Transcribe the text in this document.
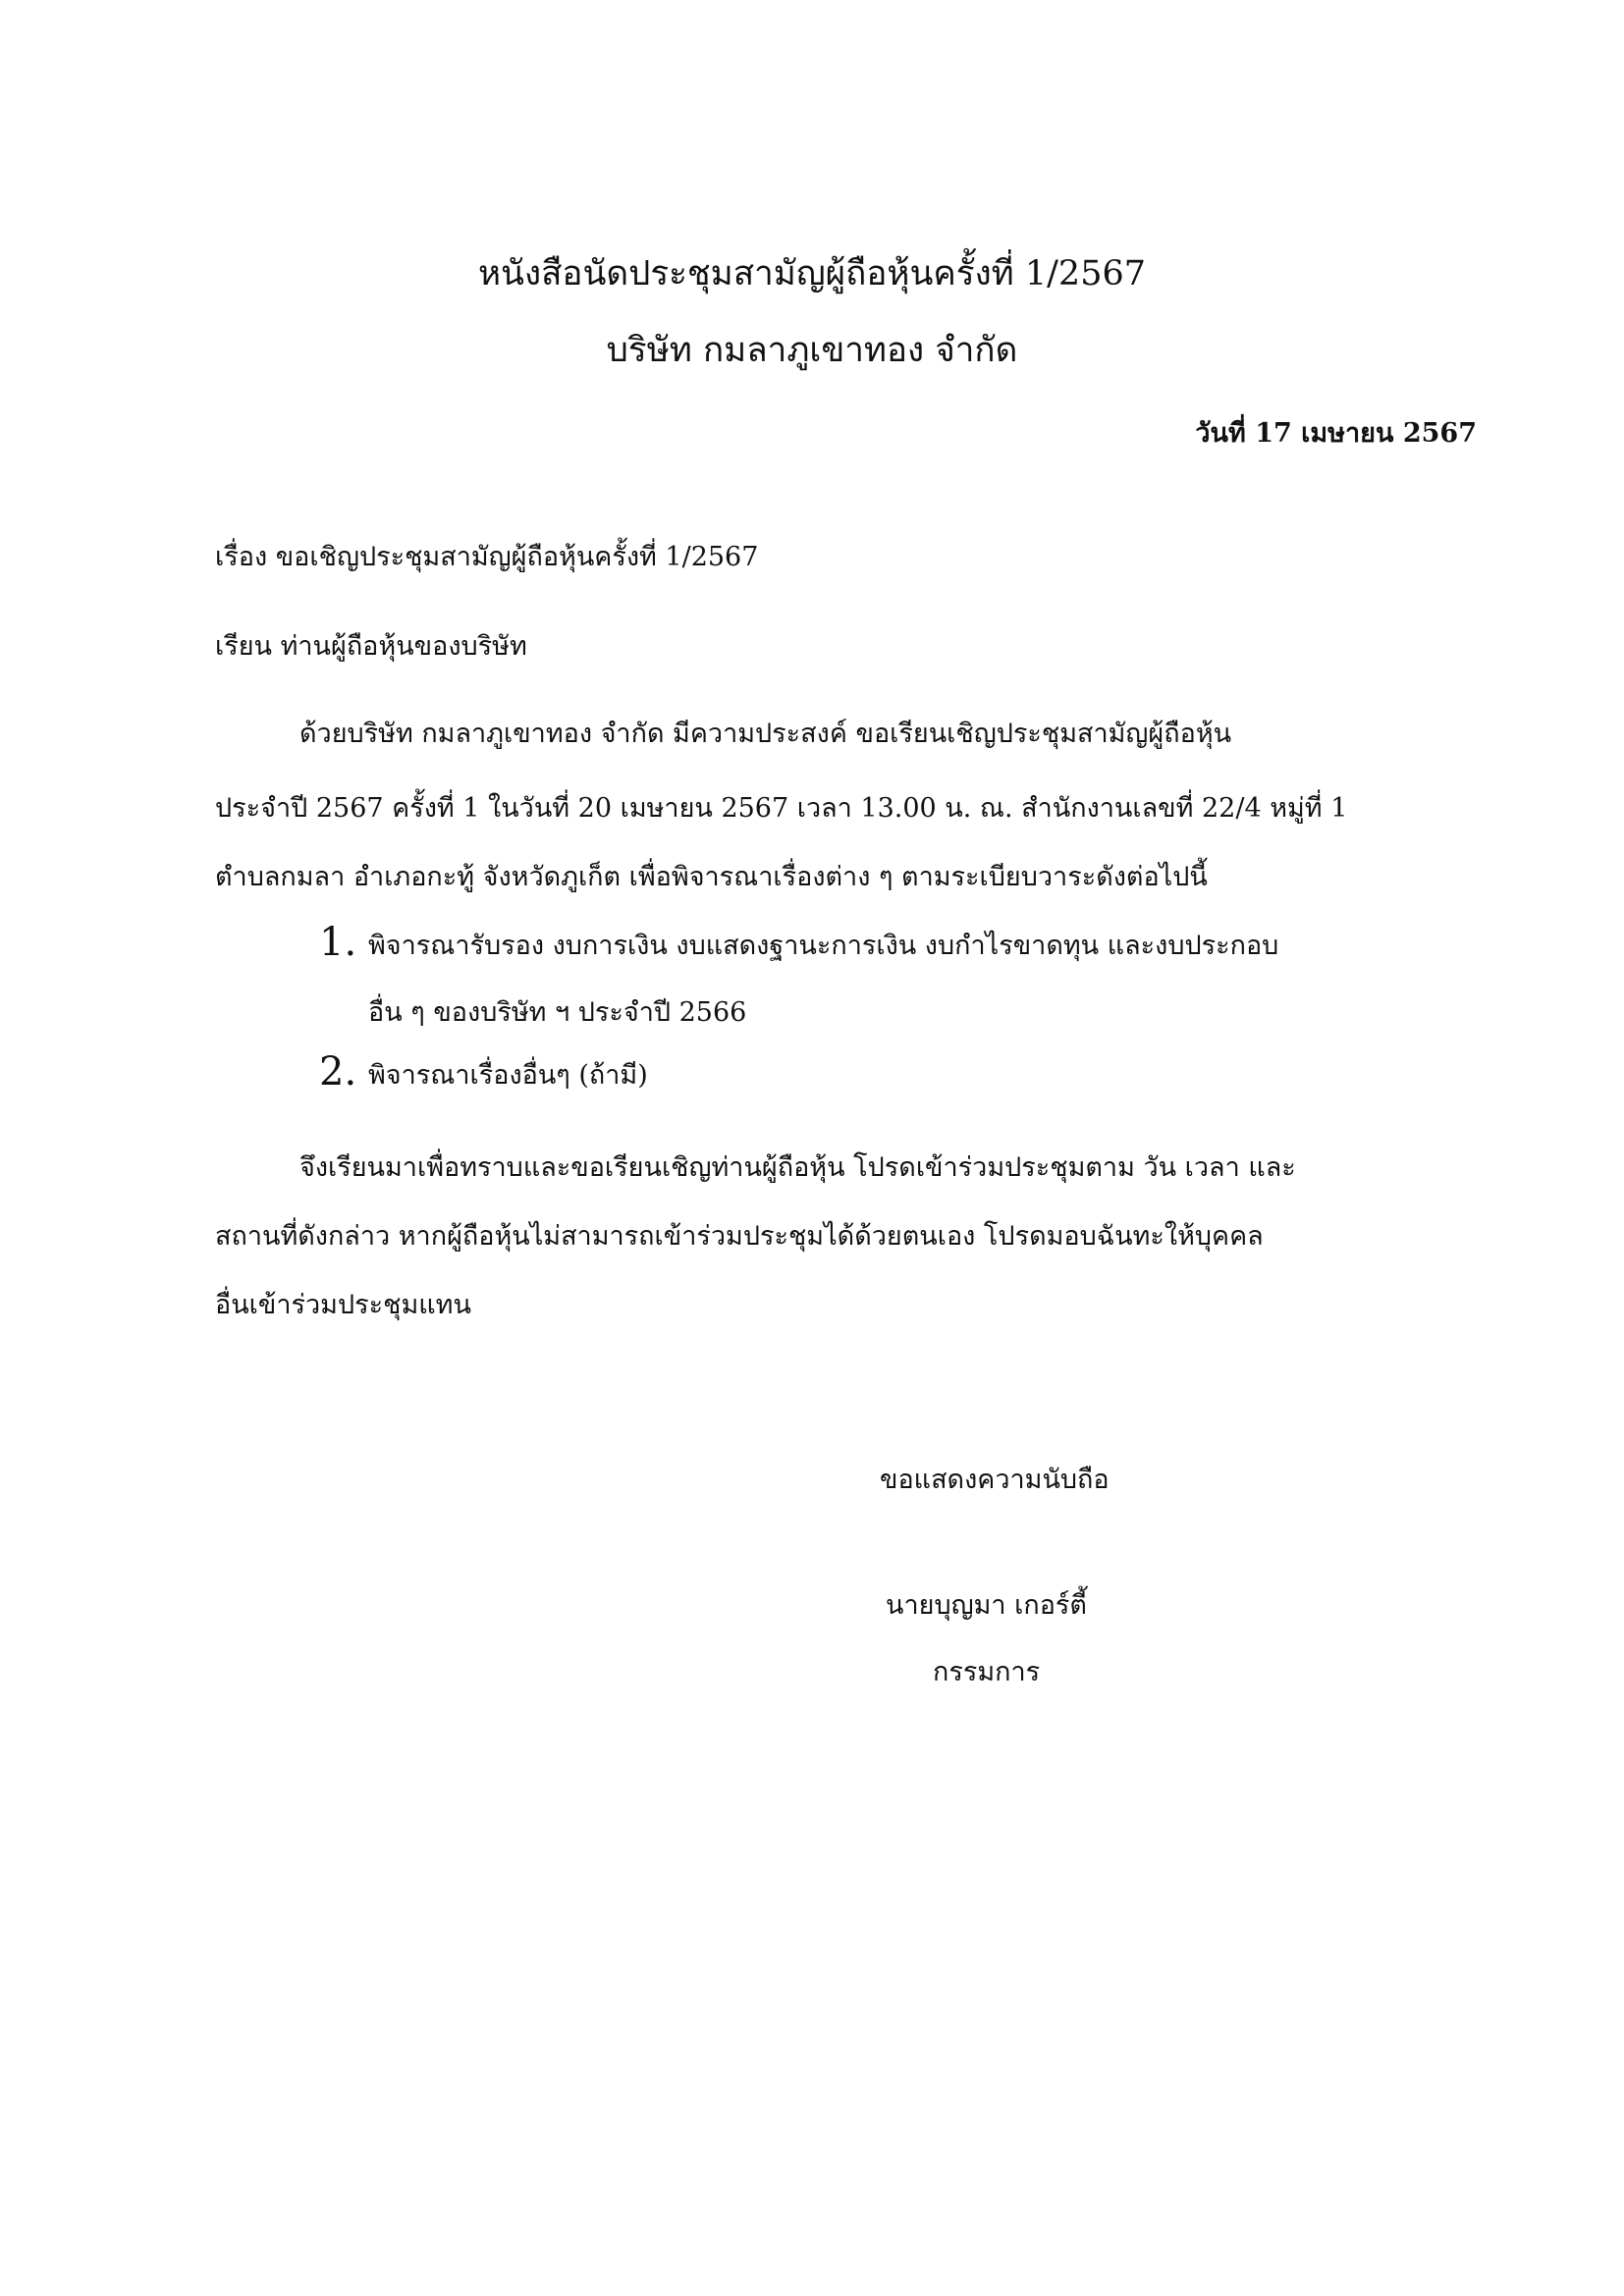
หนังสือนัดประชุมสามัญผู้ถือหุ้นครั้งที่ 1/2567
บริษัท กมลาภูเขาทอง จำกัด
วันที่ 17 เมษายน 2567
เรื่อง ขอเชิญประชุมสามัญผู้ถือหุ้นครั้งที่ 1/2567
เรียน ท่านผู้ถือหุ้นของบริษัท
ด้วยบริษัท กมลาภูเขาทอง จำกัด มีความประสงค์ ขอเรียนเชิญประชุมสามัญผู้ถือหุ้น
ประจำปี 2567 ครั้งที่ 1 ในวันที่ 20 เมษายน 2567 เวลา 13.00 น. ณ. สำนักงานเลขที่ 22/4 หมู่ที่ 1
ตำบลกมลา อำเภอกะทู้ จังหวัดภูเก็ต เพื่อพิจารณาเรื่องต่าง ๆ ตามระเบียบวาระดังต่อไปนี้
1. พิจารณารับรอง งบการเงิน งบแสดงฐานะการเงิน งบกำไรขาดทุน และงบประกอบ
อื่น ๆ ของบริษัท ฯ ประจำปี 2566
2. พิจารณาเรื่องอื่นๆ (ถ้ามี)
จึงเรียนมาเพื่อทราบและขอเรียนเชิญท่านผู้ถือหุ้น โปรดเข้าร่วมประชุมตาม วัน เวลา และ
สถานที่ดังกล่าว หากผู้ถือหุ้นไม่สามารถเข้าร่วมประชุมได้ด้วยตนเอง โปรดมอบฉันทะให้บุคคล
อื่นเข้าร่วมประชุมแทน
ขอแสดงความนับถือ
นายบุญมา เกอร์ตี้
กรรมการ
